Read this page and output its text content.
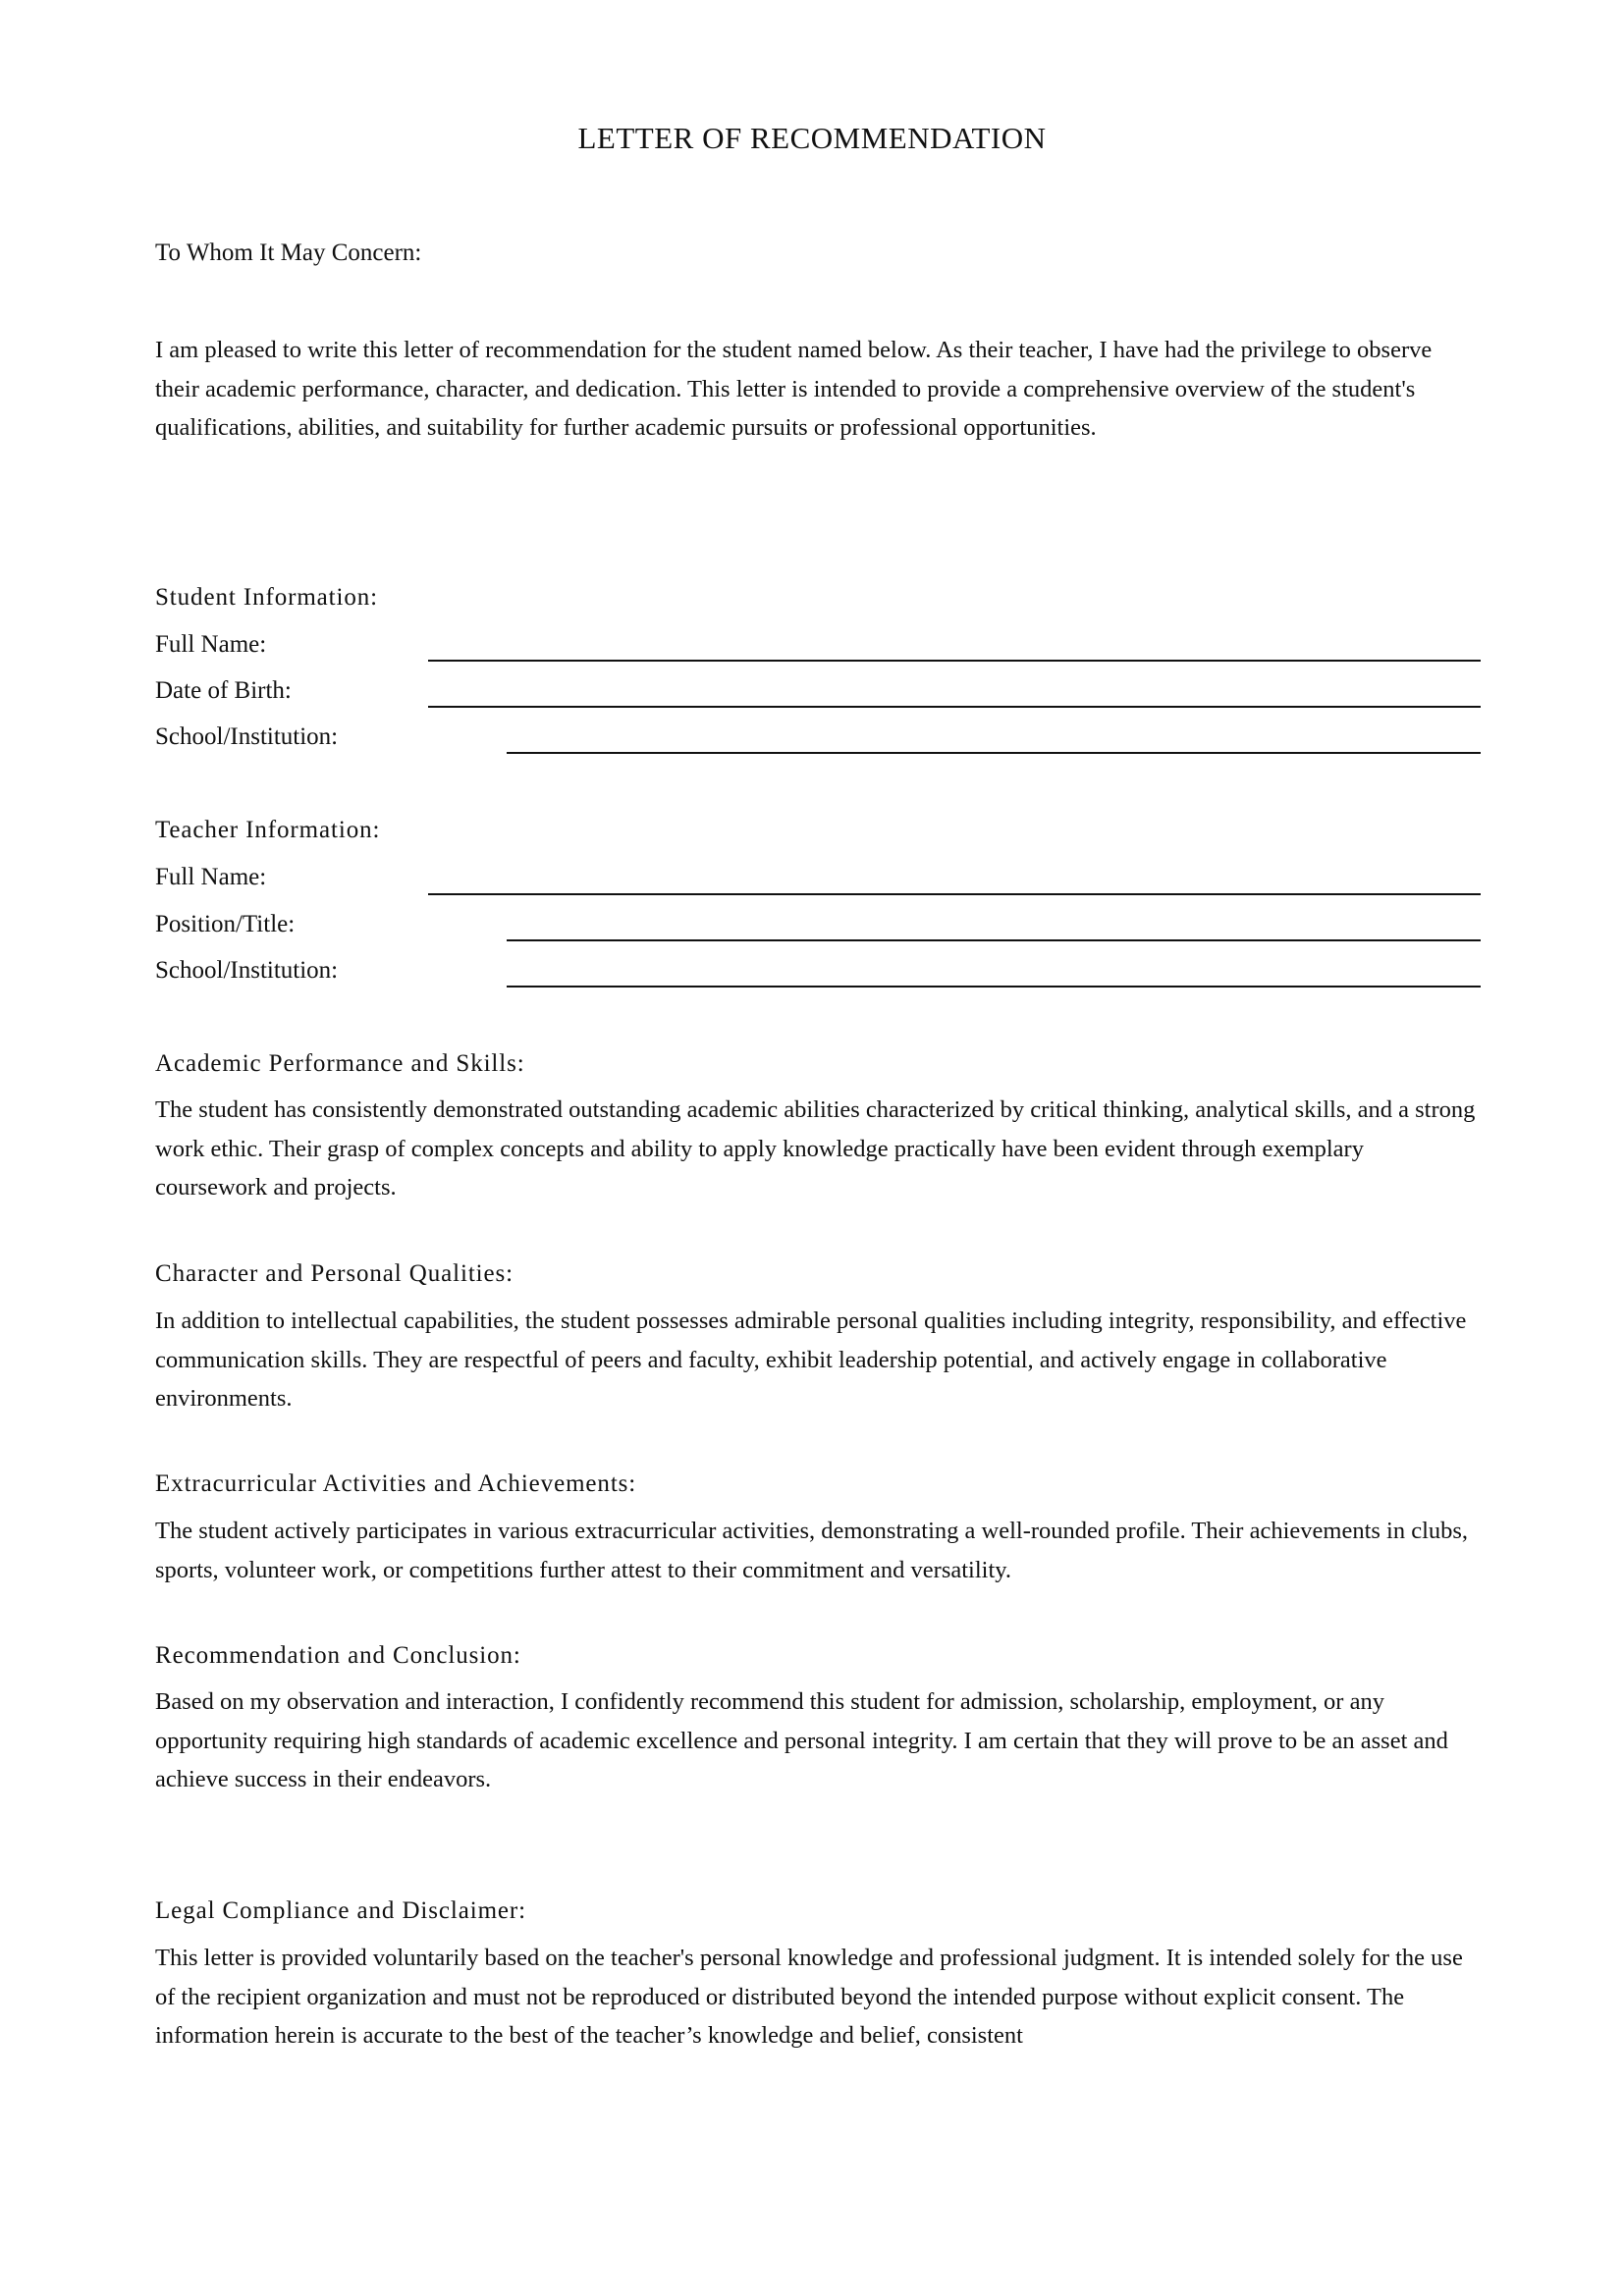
LETTER OF RECOMMENDATION
To Whom It May Concern:

I am pleased to write this letter of recommendation for the student named below. As their teacher, I have had the privilege to observe their academic performance, character, and dedication. This letter is intended to provide a comprehensive overview of the student's qualifications, abilities, and suitability for further academic pursuits or professional opportunities.

Student Information:
Full Name:
Date of Birth:
School/Institution:
Teacher Information:
Full Name:
Position/Title:
School/Institution:
Academic Performance and Skills:

The student has consistently demonstrated outstanding academic abilities characterized by critical thinking, analytical skills, and a strong work ethic. Their grasp of complex concepts and ability to apply knowledge practically have been evident through exemplary coursework and projects.

Character and Personal Qualities:

In addition to intellectual capabilities, the student possesses admirable personal qualities including integrity, responsibility, and effective communication skills. They are respectful of peers and faculty, exhibit leadership potential, and actively engage in collaborative environments.

Extracurricular Activities and Achievements:

The student actively participates in various extracurricular activities, demonstrating a well-rounded profile. Their achievements in clubs, sports, volunteer work, or competitions further attest to their commitment and versatility.

Recommendation and Conclusion:

Based on my observation and interaction, I confidently recommend this student for admission, scholarship, employment, or any opportunity requiring high standards of academic excellence and personal integrity. I am certain that they will prove to be an asset and achieve success in their endeavors.

Legal Compliance and Disclaimer:

This letter is provided voluntarily based on the teacher's personal knowledge and professional judgment. It is intended solely for the use of the recipient organization and must not be reproduced or distributed beyond the intended purpose without explicit consent. The information herein is accurate to the best of the teacher’s knowledge and belief, consistent
